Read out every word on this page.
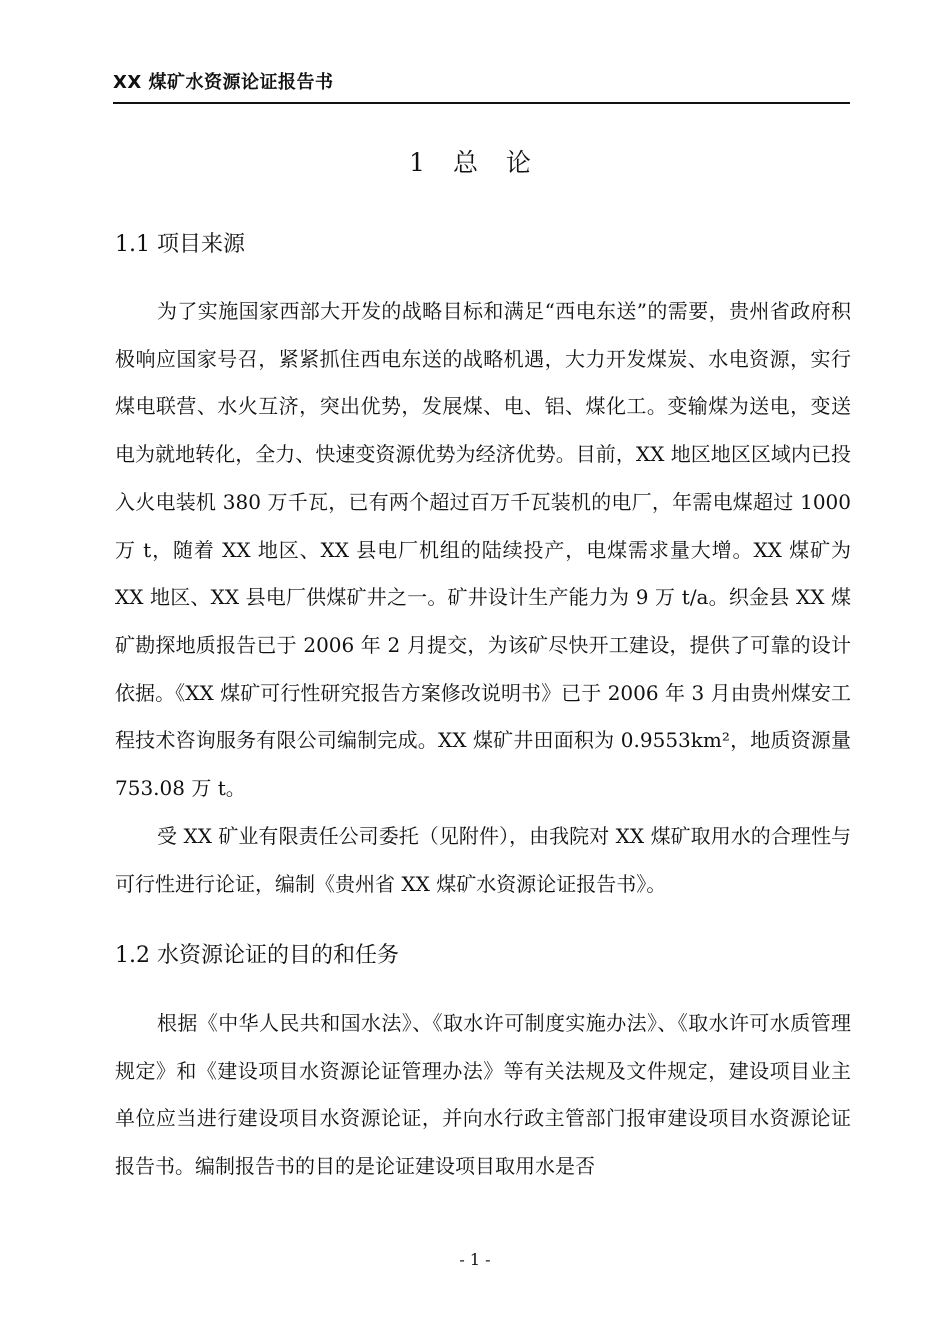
XX 煤矿水资源论证报告书
1 总 论
1.1 项目来源

为了实施国家西部大开发的战略目标和满足“西电东送”的需要，贵州省政府积极响应国家号召，紧紧抓住西电东送的战略机遇，大力开发煤炭、水电资源，实行煤电联营、水火互济，突出优势，发展煤、电、铝、煤化工。变输煤为送电，变送电为就地转化，全力、快速变资源优势为经济优势。目前，XX 地区地区区域内已投入火电装机 380 万千瓦，已有两个超过百万千瓦装机的电厂，年需电煤超过 1000 万 t，随着 XX 地区、XX 县电厂机组的陆续投产，电煤需求量大增。XX 煤矿为 XX 地区、XX 县电厂供煤矿井之一。矿井设计生产能力为 9 万 t/a。织金县 XX 煤矿勘探地质报告已于 2006 年 2 月提交，为该矿尽快开工建设，提供了可靠的设计依据。《XX 煤矿可行性研究报告方案修改说明书》已于 2006 年 3 月由贵州煤安工程技术咨询服务有限公司编制完成。XX 煤矿井田面积为 0.9553km²，地质资源量 753.08 万 t。

受 XX 矿业有限责任公司委托（见附件），由我院对 XX 煤矿取用水的合理性与可行性进行论证，编制《贵州省 XX 煤矿水资源论证报告书》。

1.2 水资源论证的目的和任务

根据《中华人民共和国水法》、《取水许可制度实施办法》、《取水许可水质管理规定》和《建设项目水资源论证管理办法》等有关法规及文件规定，建设项目业主单位应当进行建设项目水资源论证，并向水行政主管部门报审建设项目水资源论证报告书。编制报告书的目的是论证建设项目取用水是否

- 1 -
